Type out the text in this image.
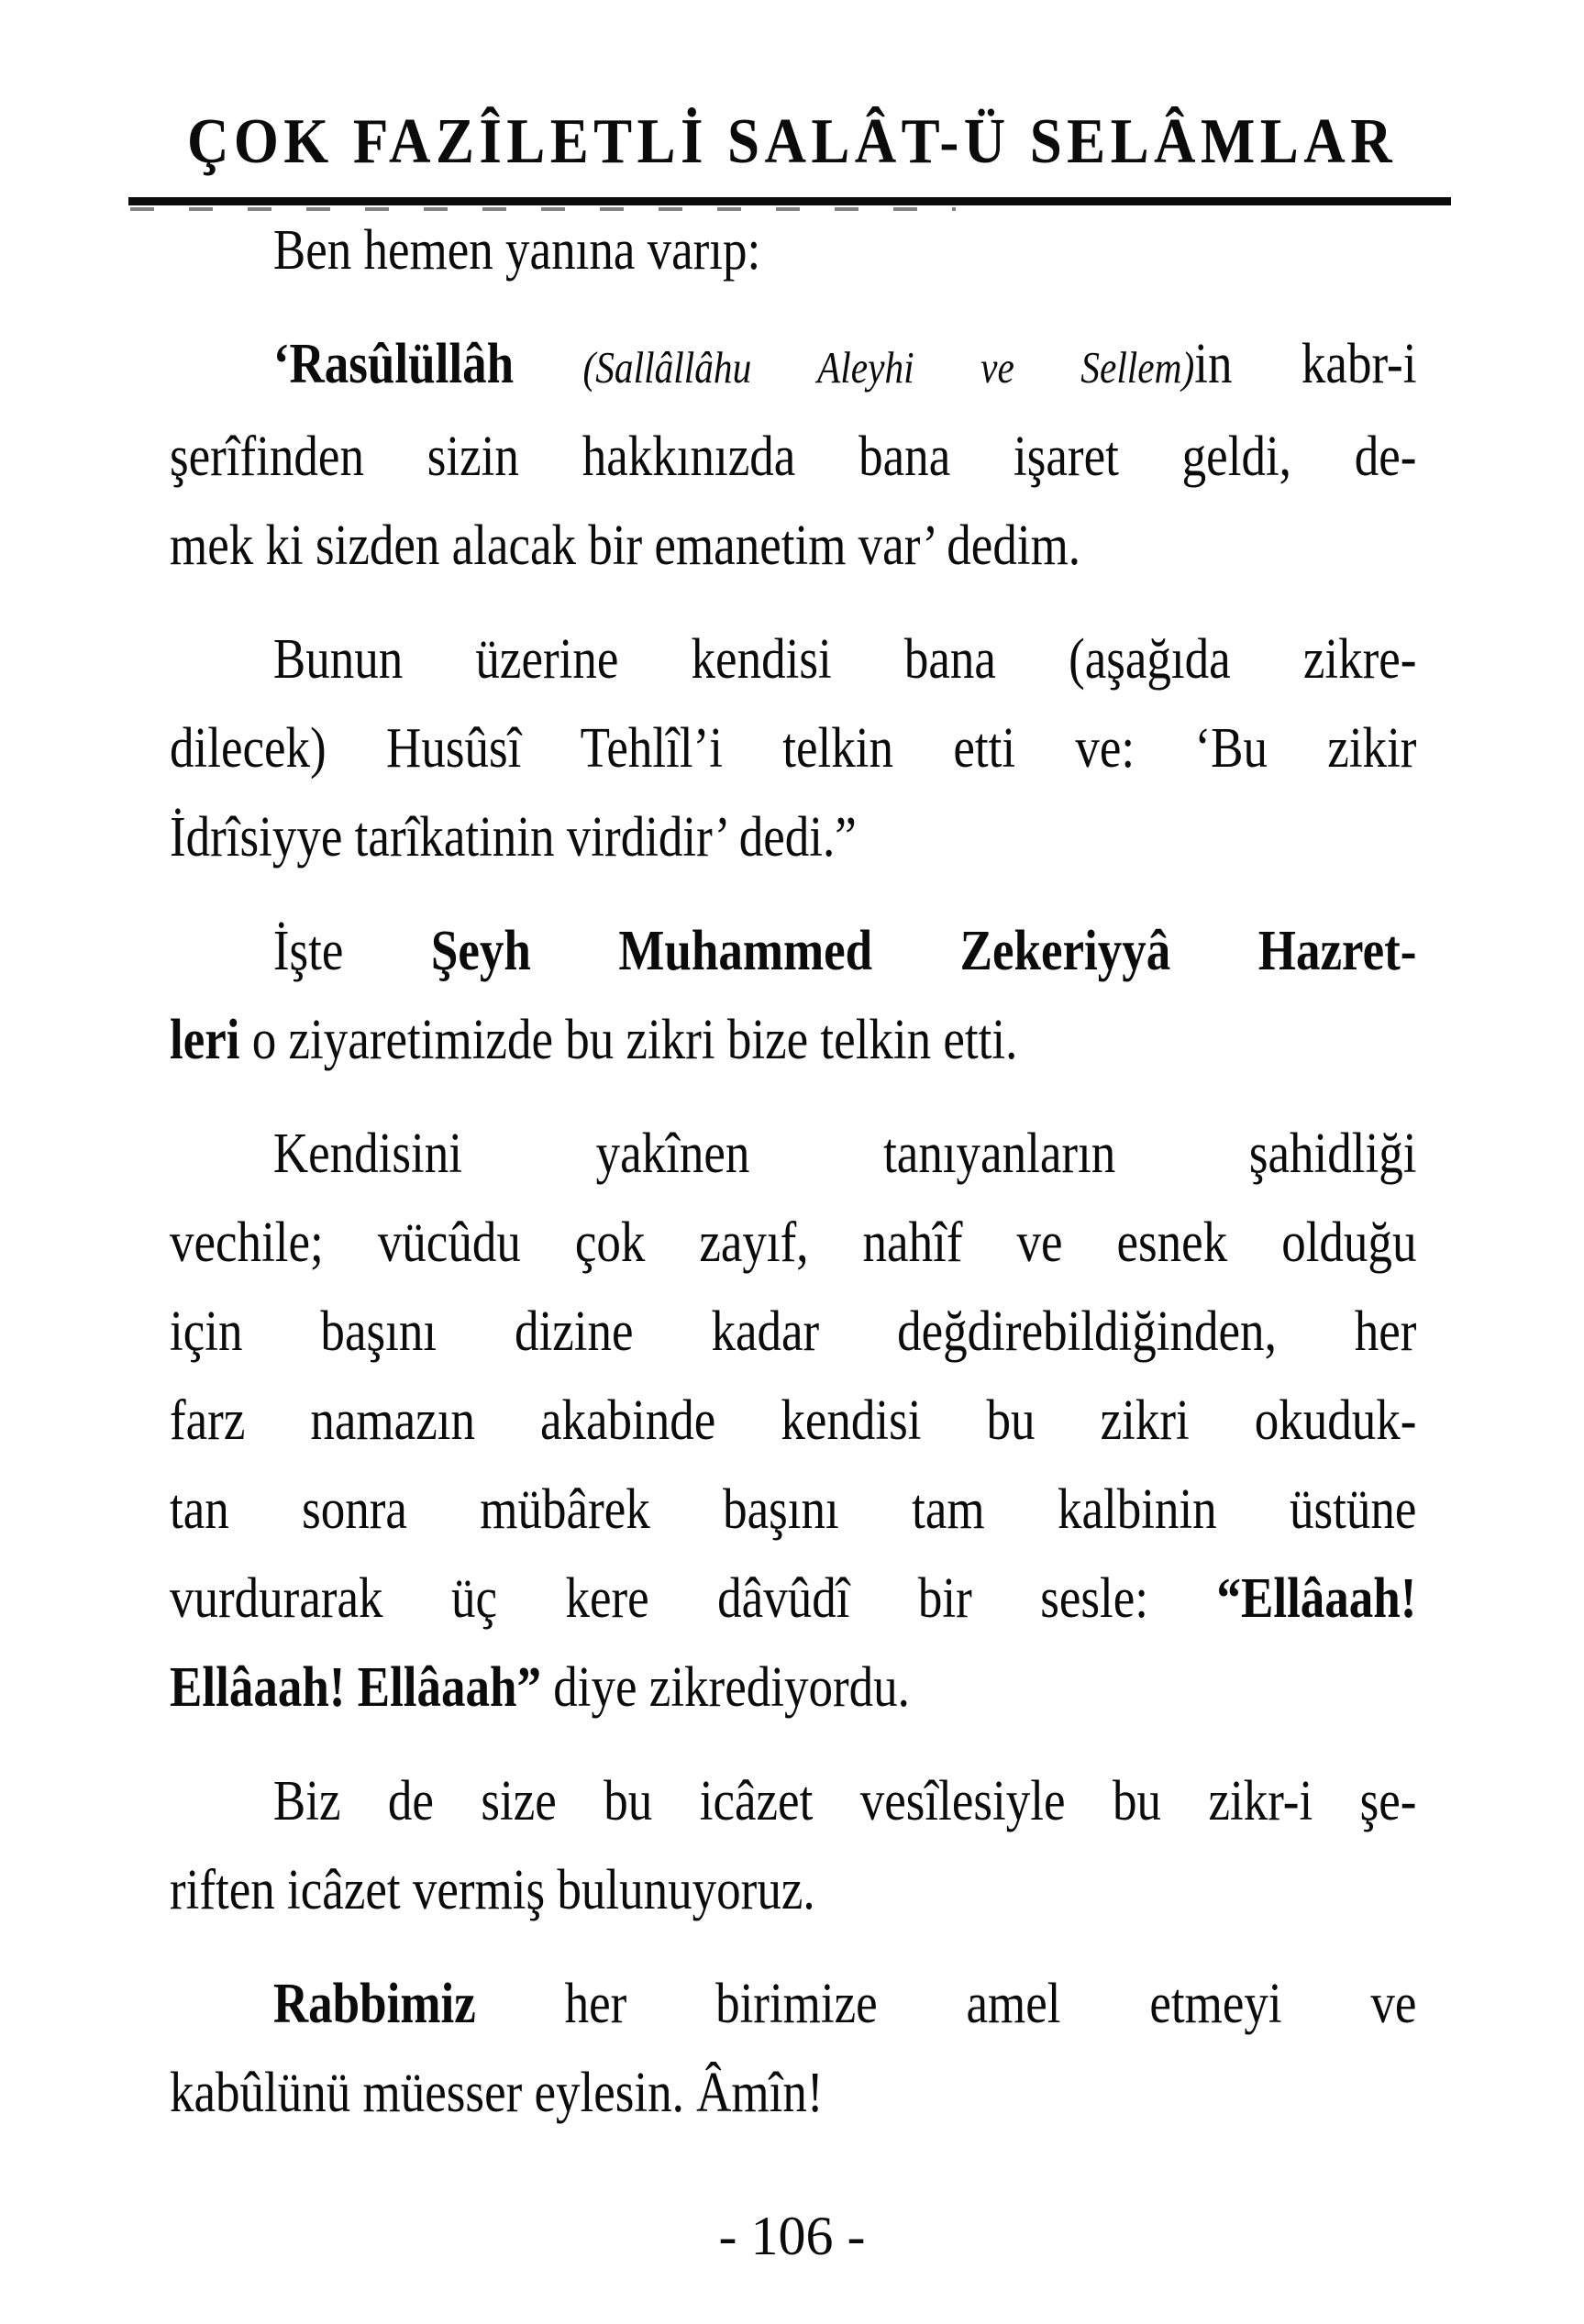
ÇOK FAZÎLETLİ SALÂT-Ü SELÂMLAR
Ben hemen yanına varıp:
‘Rasûlüllâh (Sallâllâhu Aleyhi ve Sellem)in kabr-i
şerîfinden sizin hakkınızda bana işaret geldi, de-
mek ki sizden alacak bir emanetim var’ dedim.
Bunun üzerine kendisi bana (aşağıda zikre-
dilecek) Husûsî Tehlîl’i telkin etti ve: ‘Bu zikir
İdrîsiyye tarîkatinin virdidir’ dedi.”
İşte Şeyh Muhammed Zekeriyyâ Hazret-
leri o ziyaretimizde bu zikri bize telkin etti.
Kendisini yakînen tanıyanların şahidliği
vechile; vücûdu çok zayıf, nahîf ve esnek olduğu
için başını dizine kadar değdirebildiğinden, her
farz namazın akabinde kendisi bu zikri okuduk-
tan sonra mübârek başını tam kalbinin üstüne
vurdurarak üç kere dâvûdî bir sesle: “Ellâaah!
Ellâaah! Ellâaah” diye zikrediyordu.
Biz de size bu icâzet vesîlesiyle bu zikr-i şe-
riften icâzet vermiş bulunuyoruz.
Rabbimiz her birimize amel etmeyi ve
kabûlünü müesser eylesin. Âmîn!
- 106 -
